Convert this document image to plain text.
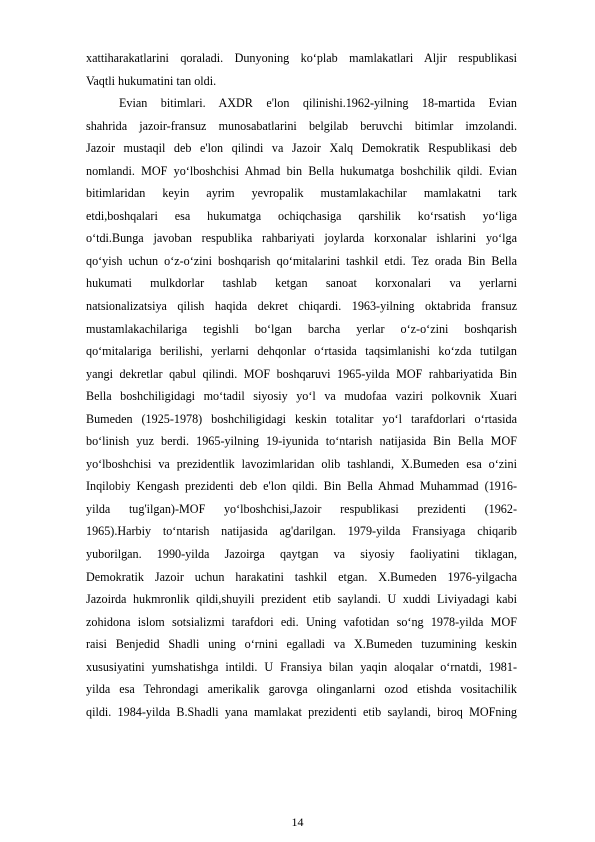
xattiharakatlarini qoraladi. Dunyoning ko‘plab mamlakatlari Aljir respublikasi
Vaqtli hukumatini tan oldi.
Evian bitimlari. AXDR e'lon qilinishi.1962-yilning 18-martida Evian
shahrida jazoir-fransuz munosabatlarini belgilab beruvchi bitimlar imzolandi.
Jazoir mustaqil deb e'lon qilindi va Jazoir Xalq Demokratik Respublikasi deb
nomlandi. MOF yo‘lboshchisi Ahmad bin Bella hukumatga boshchilik qildi. Evian
bitimlaridan keyin ayrim yevropalik mustamlakachilar mamlakatni tark
etdi,boshqalari esa hukumatga ochiqchasiga qarshilik ko‘rsatish yo‘liga
o‘tdi.Bunga javoban respublika rahbariyati joylarda korxonalar ishlarini yo‘lga
qo‘yish uchun o‘z-o‘zini boshqarish qo‘mitalarini tashkil etdi. Tez orada Bin Bella
hukumati mulkdorlar tashlab ketgan sanoat korxonalari va yerlarni
natsionalizatsiya qilish haqida dekret chiqardi. 1963-yilning oktabrida fransuz
mustamlakachilariga tegishli bo‘lgan barcha yerlar o‘z-o‘zini boshqarish
qo‘mitalariga berilishi, yerlarni dehqonlar o‘rtasida taqsimlanishi ko‘zda tutilgan
yangi dekretlar qabul qilindi. MOF boshqaruvi 1965-yilda MOF rahbariyatida Bin
Bella boshchiligidagi mo‘tadil siyosiy yo‘l va mudofaa vaziri polkovnik Xuari
Bumeden (1925-1978) boshchiligidagi keskin totalitar yo‘l tarafdorlari o‘rtasida
bo‘linish yuz berdi. 1965-yilning 19-iyunida to‘ntarish natijasida Bin Bella MOF
yo‘lboshchisi va prezidentlik lavozimlaridan olib tashlandi, X.Bumeden esa o‘zini
Inqilobiy Kengash prezidenti deb e'lon qildi. Bin Bella Ahmad Muhammad (1916-
yilda tug'ilgan)-MOF yo‘lboshchisi,Jazoir respublikasi prezidenti (1962-
1965).Harbiy to‘ntarish natijasida ag'darilgan. 1979-yilda Fransiyaga chiqarib
yuborilgan. 1990-yilda Jazoirga qaytgan va siyosiy faoliyatini tiklagan,
Demokratik Jazoir uchun harakatini tashkil etgan. X.Bumeden 1976-yilgacha
Jazoirda hukmronlik qildi,shuyili prezident etib saylandi. U xuddi Liviyadagi kabi
zohidona islom sotsializmi tarafdori edi. Uning vafotidan so‘ng 1978-yilda MOF
raisi Benjedid Shadli uning o‘rnini egalladi va X.Bumeden tuzumining keskin
xususiyatini yumshatishga intildi. U Fransiya bilan yaqin aloqalar o‘rnatdi, 1981-
yilda esa Tehrondagi amerikalik garovga olinganlarni ozod etishda vositachilik
qildi. 1984-yilda B.Shadli yana mamlakat prezidenti etib saylandi, biroq MOFning
14
